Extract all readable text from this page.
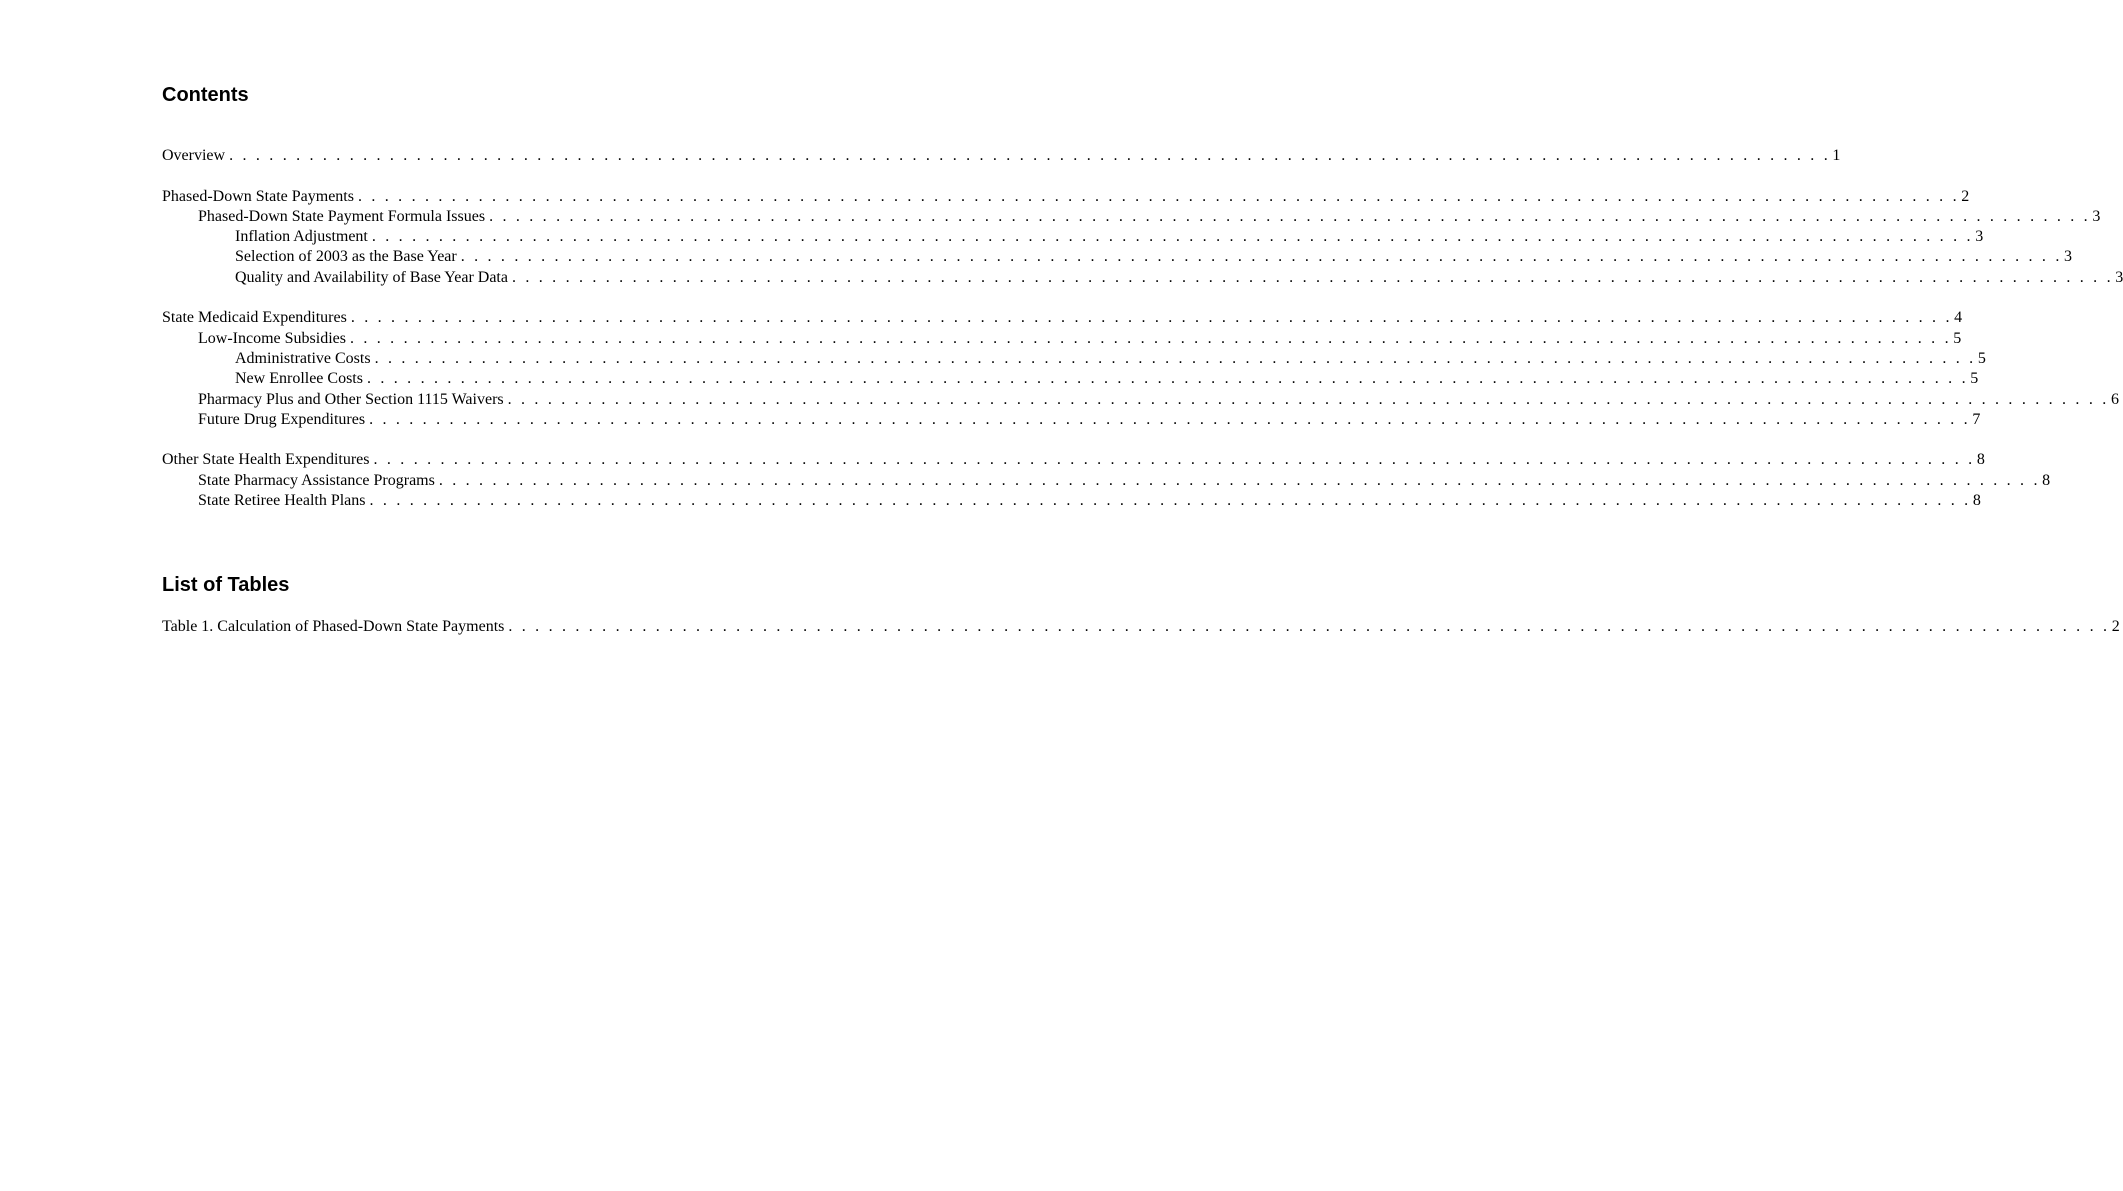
Contents
Overview . . . . . . . . . . . . . . . . . . . . . . . . . . . . . . . . . . . . . . . . . . . . . . . . . . . . . . . . . . . . . . . . . . . . . . . . . . . . . . . . . . . . . . . . . . . . . . . . . . . . . . . . . . . . . . . . . . . . . . . . 1
Phased-Down State Payments . . . . . . . . . . . . . . . . . . . . . . . . . . . . . . . . . . . . . . . . . . . . . . . . . . . . . . . . . . . . . . . . . . . . . . . . . . . . . . . . . . . . . . . . . . . . . . . . . . . . . . . . . . . . . . . . . . . . . . . . 2
Phased-Down State Payment Formula Issues . . . . . . . . . . . . . . . . . . . . . . . . . . . . . . . . . . . . . . . . . . . . . . . . . . . . . . . . . . . . . . . . . . . . . . . . . . . . . . . . . . . . . . . . . . . . . . . . . . . . . . . . . . . . . . . . . . . . . . . . 3
Inflation Adjustment . . . . . . . . . . . . . . . . . . . . . . . . . . . . . . . . . . . . . . . . . . . . . . . . . . . . . . . . . . . . . . . . . . . . . . . . . . . . . . . . . . . . . . . . . . . . . . . . . . . . . . . . . . . . . . . . . . . . . . . . 3
Selection of 2003 as the Base Year . . . . . . . . . . . . . . . . . . . . . . . . . . . . . . . . . . . . . . . . . . . . . . . . . . . . . . . . . . . . . . . . . . . . . . . . . . . . . . . . . . . . . . . . . . . . . . . . . . . . . . . . . . . . . . . . . . . . . . . . 3
Quality and Availability of Base Year Data . . . . . . . . . . . . . . . . . . . . . . . . . . . . . . . . . . . . . . . . . . . . . . . . . . . . . . . . . . . . . . . . . . . . . . . . . . . . . . . . . . . . . . . . . . . . . . . . . . . . . . . . . . . . . . . . . . . . . . . . 3
State Medicaid Expenditures . . . . . . . . . . . . . . . . . . . . . . . . . . . . . . . . . . . . . . . . . . . . . . . . . . . . . . . . . . . . . . . . . . . . . . . . . . . . . . . . . . . . . . . . . . . . . . . . . . . . . . . . . . . . . . . . . . . . . . . . 4
Low-Income Subsidies . . . . . . . . . . . . . . . . . . . . . . . . . . . . . . . . . . . . . . . . . . . . . . . . . . . . . . . . . . . . . . . . . . . . . . . . . . . . . . . . . . . . . . . . . . . . . . . . . . . . . . . . . . . . . . . . . . . . . . . . 5
Administrative Costs . . . . . . . . . . . . . . . . . . . . . . . . . . . . . . . . . . . . . . . . . . . . . . . . . . . . . . . . . . . . . . . . . . . . . . . . . . . . . . . . . . . . . . . . . . . . . . . . . . . . . . . . . . . . . . . . . . . . . . . . 5
New Enrollee Costs . . . . . . . . . . . . . . . . . . . . . . . . . . . . . . . . . . . . . . . . . . . . . . . . . . . . . . . . . . . . . . . . . . . . . . . . . . . . . . . . . . . . . . . . . . . . . . . . . . . . . . . . . . . . . . . . . . . . . . . . 5
Pharmacy Plus and Other Section 1115 Waivers . . . . . . . . . . . . . . . . . . . . . . . . . . . . . . . . . . . . . . . . . . . . . . . . . . . . . . . . . . . . . . . . . . . . . . . . . . . . . . . . . . . . . . . . . . . . . . . . . . . . . . . . . . . . . . . . . . . . . . . . 6
Future Drug Expenditures . . . . . . . . . . . . . . . . . . . . . . . . . . . . . . . . . . . . . . . . . . . . . . . . . . . . . . . . . . . . . . . . . . . . . . . . . . . . . . . . . . . . . . . . . . . . . . . . . . . . . . . . . . . . . . . . . . . . . . . . 7
Other State Health Expenditures . . . . . . . . . . . . . . . . . . . . . . . . . . . . . . . . . . . . . . . . . . . . . . . . . . . . . . . . . . . . . . . . . . . . . . . . . . . . . . . . . . . . . . . . . . . . . . . . . . . . . . . . . . . . . . . . . . . . . . . . 8
State Pharmacy Assistance Programs . . . . . . . . . . . . . . . . . . . . . . . . . . . . . . . . . . . . . . . . . . . . . . . . . . . . . . . . . . . . . . . . . . . . . . . . . . . . . . . . . . . . . . . . . . . . . . . . . . . . . . . . . . . . . . . . . . . . . . . . 8
State Retiree Health Plans . . . . . . . . . . . . . . . . . . . . . . . . . . . . . . . . . . . . . . . . . . . . . . . . . . . . . . . . . . . . . . . . . . . . . . . . . . . . . . . . . . . . . . . . . . . . . . . . . . . . . . . . . . . . . . . . . . . . . . . . 8
List of Tables
Table 1. Calculation of Phased-Down State Payments . . . . . . . . . . . . . . . . . . . . . . . . . . . . . . . . . . . . . . . . . . . . . . . . . . . . . . . . . . . . . . . . . . . . . . . . . . . . . . . . . . . . . . . . . . . . . . . . . . . . . . . . . . . . . . . . . . . . . . . . 2
